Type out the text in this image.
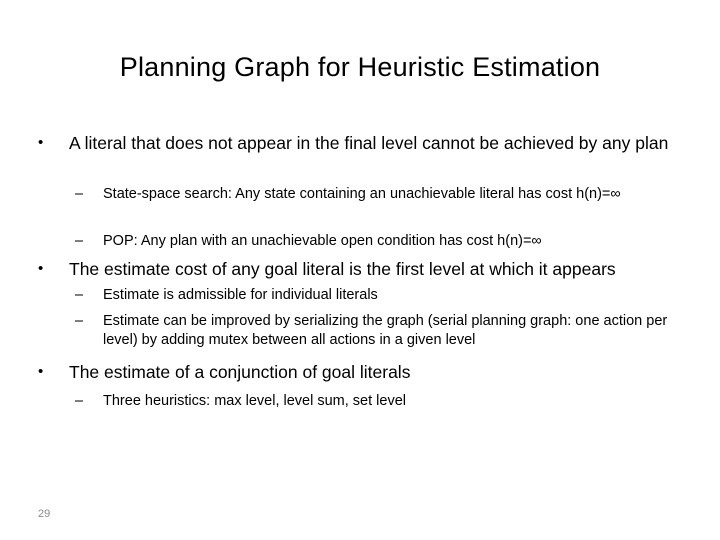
Planning Graph for Heuristic Estimation
• A literal that does not appear in the final level cannot be achieved by any plan
– State-space search: Any state containing an unachievable literal has cost h(n)=∞
– POP: Any plan with an unachievable open condition has cost h(n)=∞
• The estimate cost of any goal literal is the first level at which it appears
– Estimate is admissible for individual literals
– Estimate can be improved by serializing the graph (serial planning graph: one action per level) by adding mutex between all actions in a given level
• The estimate of a conjunction of goal literals
– Three heuristics: max level, level sum, set level
29
